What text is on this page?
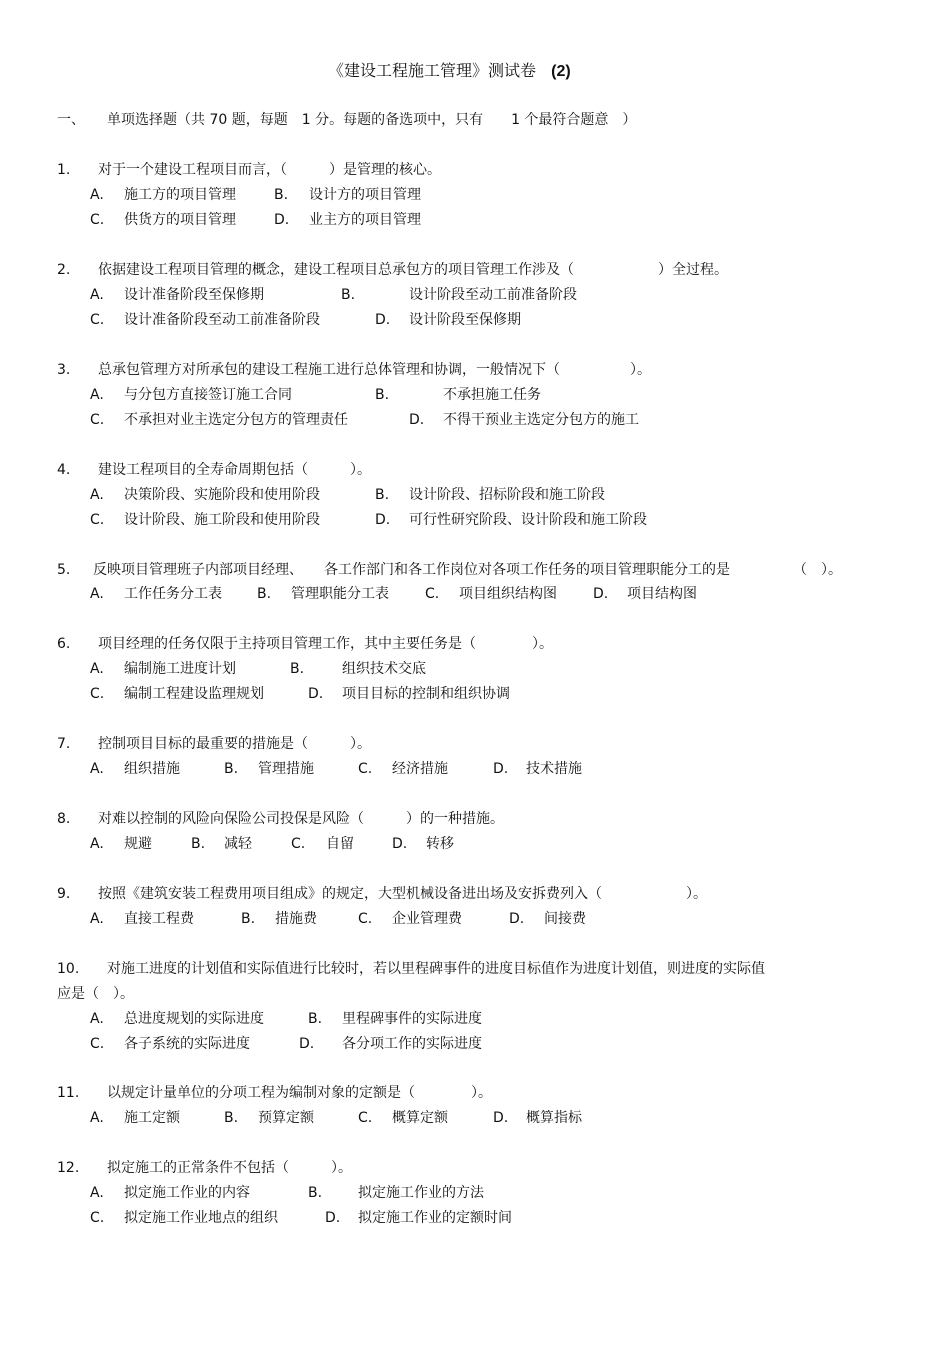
《建设工程施工管理》测试卷 (2)
一、 单项选择题（共 70 题，每题　1 分。每题的备选项中，只有　　1 个最符合题意　）
1. 对于一个建设工程项目而言，（　　　）是管理的核心。
A. 施工方的项目管理	B. 设计方的项目管理
C. 供货方的项目管理	D. 业主方的项目管理
2. 依据建设工程项目管理的概念，建设工程项目总承包方的项目管理工作涉及（　　　　　　）全过程。
A. 设计准备阶段至保修期	B.	设计阶段至动工前准备阶段
C. 设计准备阶段至动工前准备阶段	D. 设计阶段至保修期
3. 总承包管理方对所承包的建设工程施工进行总体管理和协调，一般情况下（　　　　　）。
A. 与分包方直接签订施工合同	B.	不承担施工任务
C. 不承担对业主选定分包方的管理责任	D. 不得干预业主选定分包方的施工
4. 建设工程项目的全寿命周期包括（　　　）。
A. 决策阶段、实施阶段和使用阶段	B. 设计阶段、招标阶段和施工阶段
C. 设计阶段、施工阶段和使用阶段	D. 可行性研究阶段、设计阶段和施工阶段
5. 反映项目管理班子内部项目经理、　　各工作部门和各工作岗位对各项工作任务的项目管理职能分工的是　　　　　（　）。
A. 工作任务分工表	B. 管理职能分工表	C. 项目组织结构图	D. 项目结构图
6. 项目经理的任务仅限于主持项目管理工作，其中主要任务是（　　　　）。
A. 编制施工进度计划	B.	组织技术交底
C. 编制工程建设监理规划	D. 项目目标的控制和组织协调
7. 控制项目目标的最重要的措施是（　　　）。
A. 组织措施	B. 管理措施	C. 经济措施	D. 技术措施
8. 对难以控制的风险向保险公司投保是风险（　　　）的一种措施。
A. 规避	B. 减轻	C. 自留	D. 转移
9. 按照《建筑安装工程费用项目组成》的规定，大型机械设备进出场及安拆费列入（　　　　　　）。
A. 直接工程费	B. 措施费	C. 企业管理费	D. 间接费
10. 对施工进度的计划值和实际值进行比较时，若以里程碑事件的进度目标值作为进度计划值，则进度的实际值
应是（　）。
A. 总进度规划的实际进度	B. 里程碑事件的实际进度
C. 各子系统的实际进度	D. 各分项工作的实际进度
11. 以规定计量单位的分项工程为编制对象的定额是（　　　　）。
A. 施工定额	B. 预算定额	C. 概算定额	D. 概算指标
12. 拟定施工的正常条件不包括（　　　）。
A. 拟定施工作业的内容	B.	拟定施工作业的方法
C. 拟定施工作业地点的组织	D. 拟定施工作业的定额时间
